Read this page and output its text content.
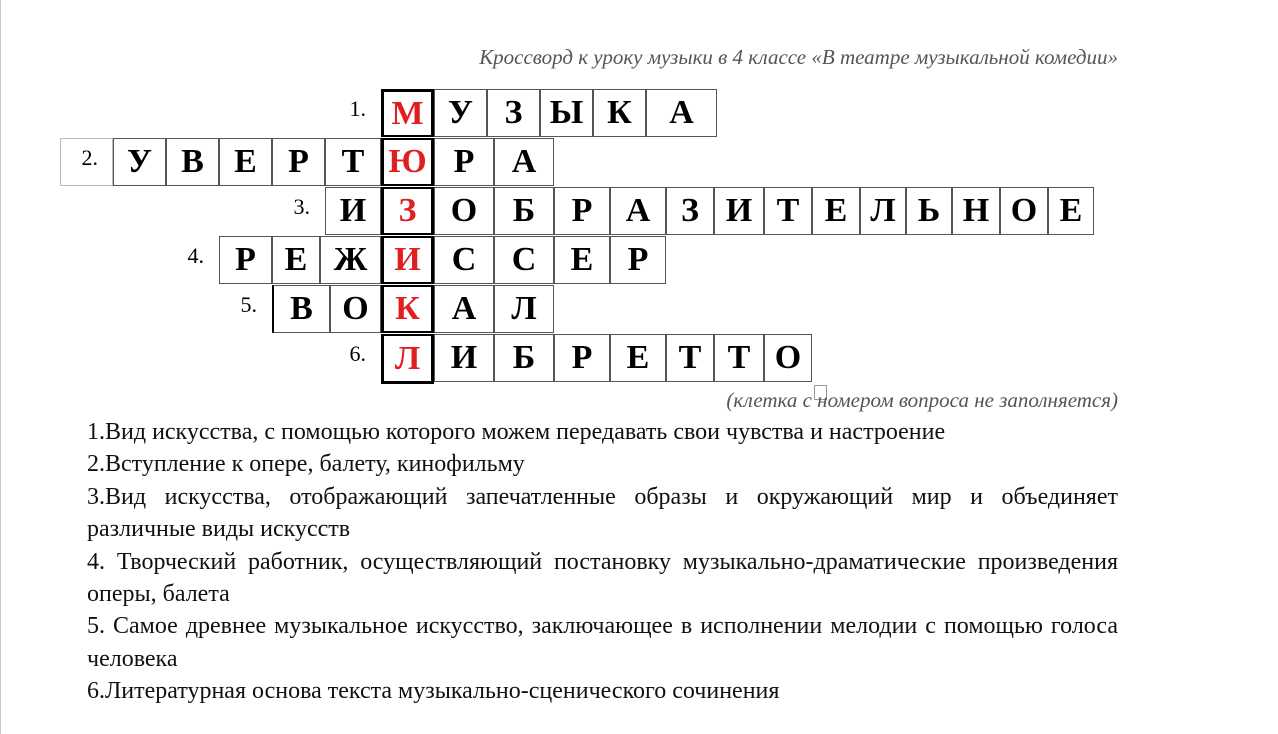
Кроссворд к уроку музыки в 4 классе «В театре музыкальной комедии»
1. М У З Ы К	А
2. У В Е Р Т Ю Р	А
3. И З	О	Б	Р А З И Т Е Л Ь Н О Е
4. Р Е Ж И С	С	Е	Р
5. В О К А	Л
6. Л И	Б	Р	Е Т Т О
(клетка с номером вопроса не заполняется)

1.Вид искусства, с помощью которого можем передавать свои чувства и настроение

2.Вступление к опере, балету, кинофильму

3.Вид искусства, отображающий запечатленные образы и окружающий мир и объединяет различные виды искусств

4. Творческий работник, осуществляющий постановку музыкально-драматические произведения оперы, балета

5. Самое древнее музыкальное искусство, заключающее в исполнении мелодии с помощью голоса человека

6.Литературная основа текста музыкально-сценического сочинения
